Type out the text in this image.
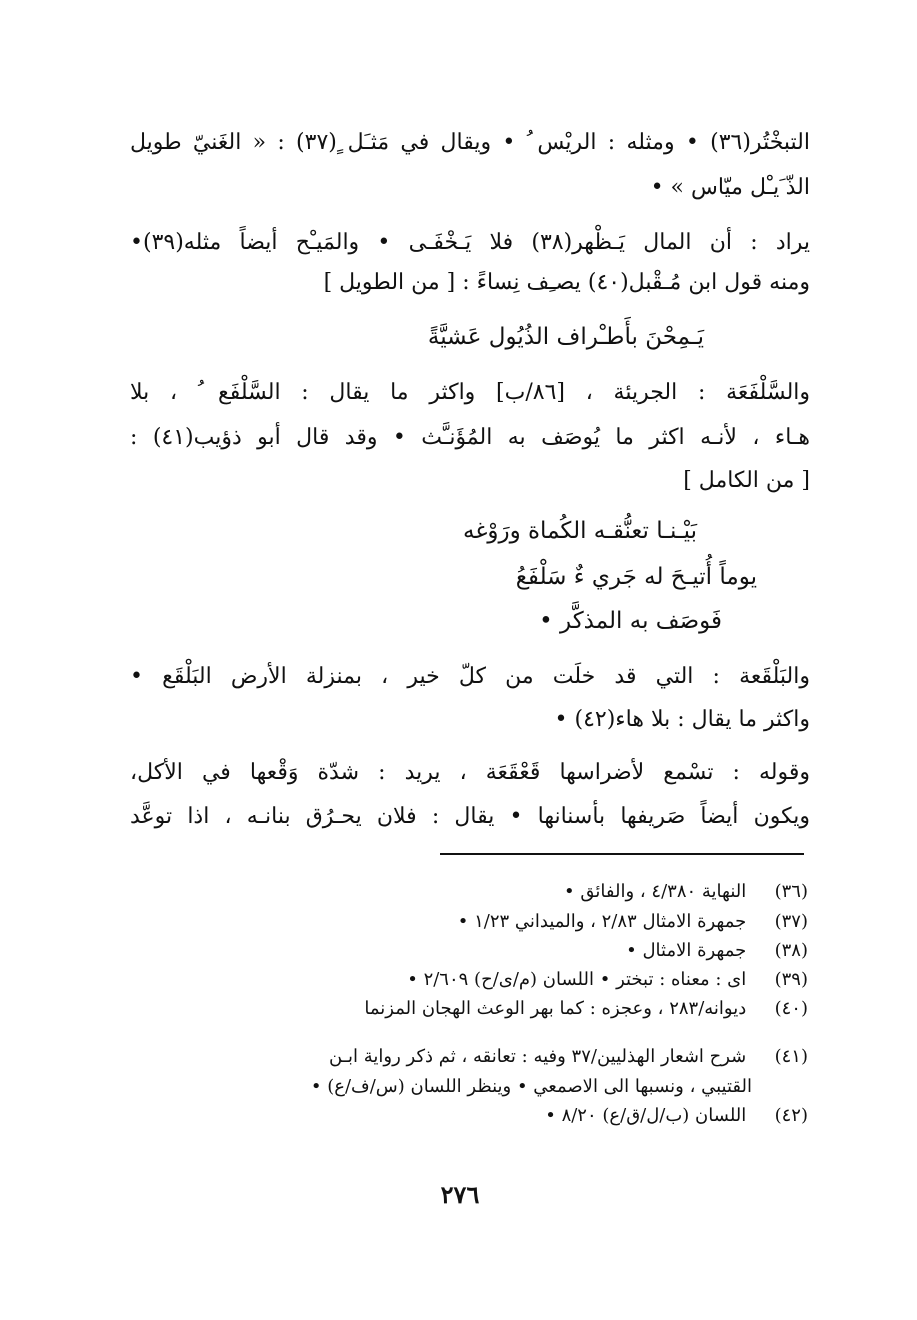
التبخْتُر(٣٦) • ومثله : الريْس ُ • ويقال في مَثـَل ٍ(٣٧) : « الغَنيّ طويل
الذّ َيـْل ميّاس » •
يراد : أن المال يَـظْهر(٣٨) فلا يَـخْفَـى • والمَيـْح أيضاً مثله(٣٩)•
ومنه قول ابن مُـقْبل(٤٠) يصـِف نِساءً : [ من الطويل ]
يَـمِحْنَ بأَطـْراف الذُيُول عَشيَّةً
والسَّلْفَعَة : الجريئة ، [٨٦/ب] واكثر ما يقال : السَّلْفَع ُ ، بلا
هـاء ، لأنـه اكثر ما يُوصَف به المُؤَنـَّث • وقد قال أبو ذؤيب(٤١) :
[ من الكامل ]
بَيْـنـا تعنُّقـه الكُماة ورَوْغه
يوماً أُتيـحَ له جَري ءٌ سَلْفَعُ
فَوصَف به المذكَّر •
والبَلْقَعة : التي قد خلَت من كلّ خير ، بمنزلة الأرض البَلْقَع •
واكثر ما يقال : بلا هاء(٤٢) •
وقوله : تسْمع لأضراسها قَعْقَعَة ، يريد : شدّة وَقْعها في الأكل،
ويكون أيضاً صَريفها بأسنانها • يقال : فلان يحـرُق بنانـه ، اذا توعَّد
(٣٦) النهاية ٤/٣٨٠ ، والفائق •
(٣٧) جمهرة الامثال ٢/٨٣ ، والميداني ١/٢٣ •
(٣٨) جمهرة الامثال •
(٣٩) اى : معناه : تبختر • اللسان (م/ى/ح) ٢/٦٠٩ •
(٤٠) ديوانه/٢٨٣ ، وعجزه : كما بهر الوعث الهجان المزنما
(٤١) شرح اشعار الهذليين/٣٧ وفيه : تعانقه ، ثم ذكر رواية ابـن
القتيبي ، ونسبها الى الاصمعي • وينظر اللسان (س/ف/ع) •
(٤٢) اللسان (ب/ل/ق/ع) ٨/٢٠ •
٢٧٦
